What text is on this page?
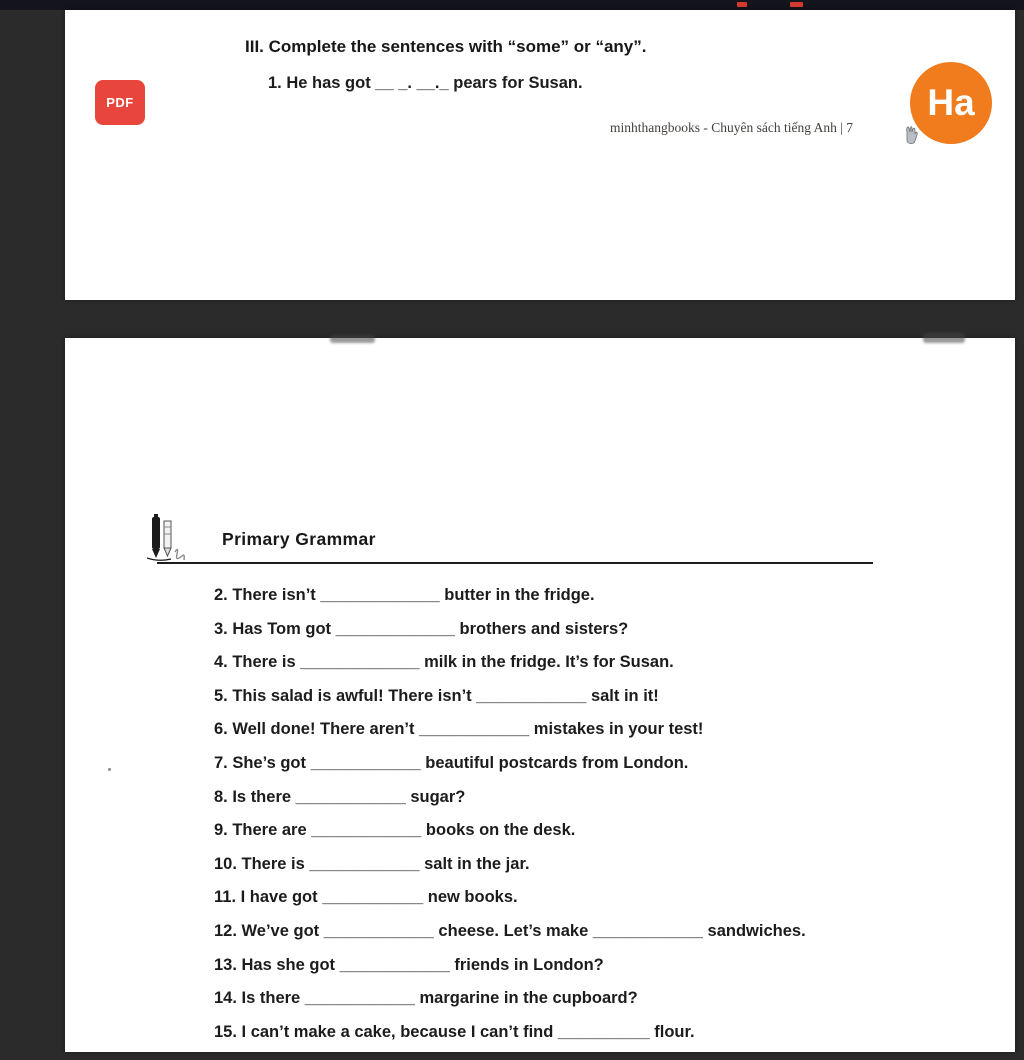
PDF
III. Complete the sentences with “some” or “any”.
1. He has got __ _. __._ pears for Susan.
minhthangbooks - Chuyên sách tiếng Anh | 7
Ha
Primary Grammar
2. There isn’t _____________ butter in the fridge.
3. Has Tom got _____________ brothers and sisters?
4. There is _____________ milk in the fridge. It’s for Susan.
5. This salad is awful! There isn’t ____________ salt in it!
6. Well done! There aren’t ____________ mistakes in your test!
7. She’s got ____________ beautiful postcards from London.
8. Is there ____________ sugar?
9. There are ____________ books on the desk.
10. There is ____________ salt in the jar.
11. I have got ___________ new books.
12. We’ve got ____________ cheese. Let’s make ____________ sandwiches.
13. Has she got ____________ friends in London?
14. Is there ____________ margarine in the cupboard?
15. I can’t make a cake, because I can’t find __________ flour.
